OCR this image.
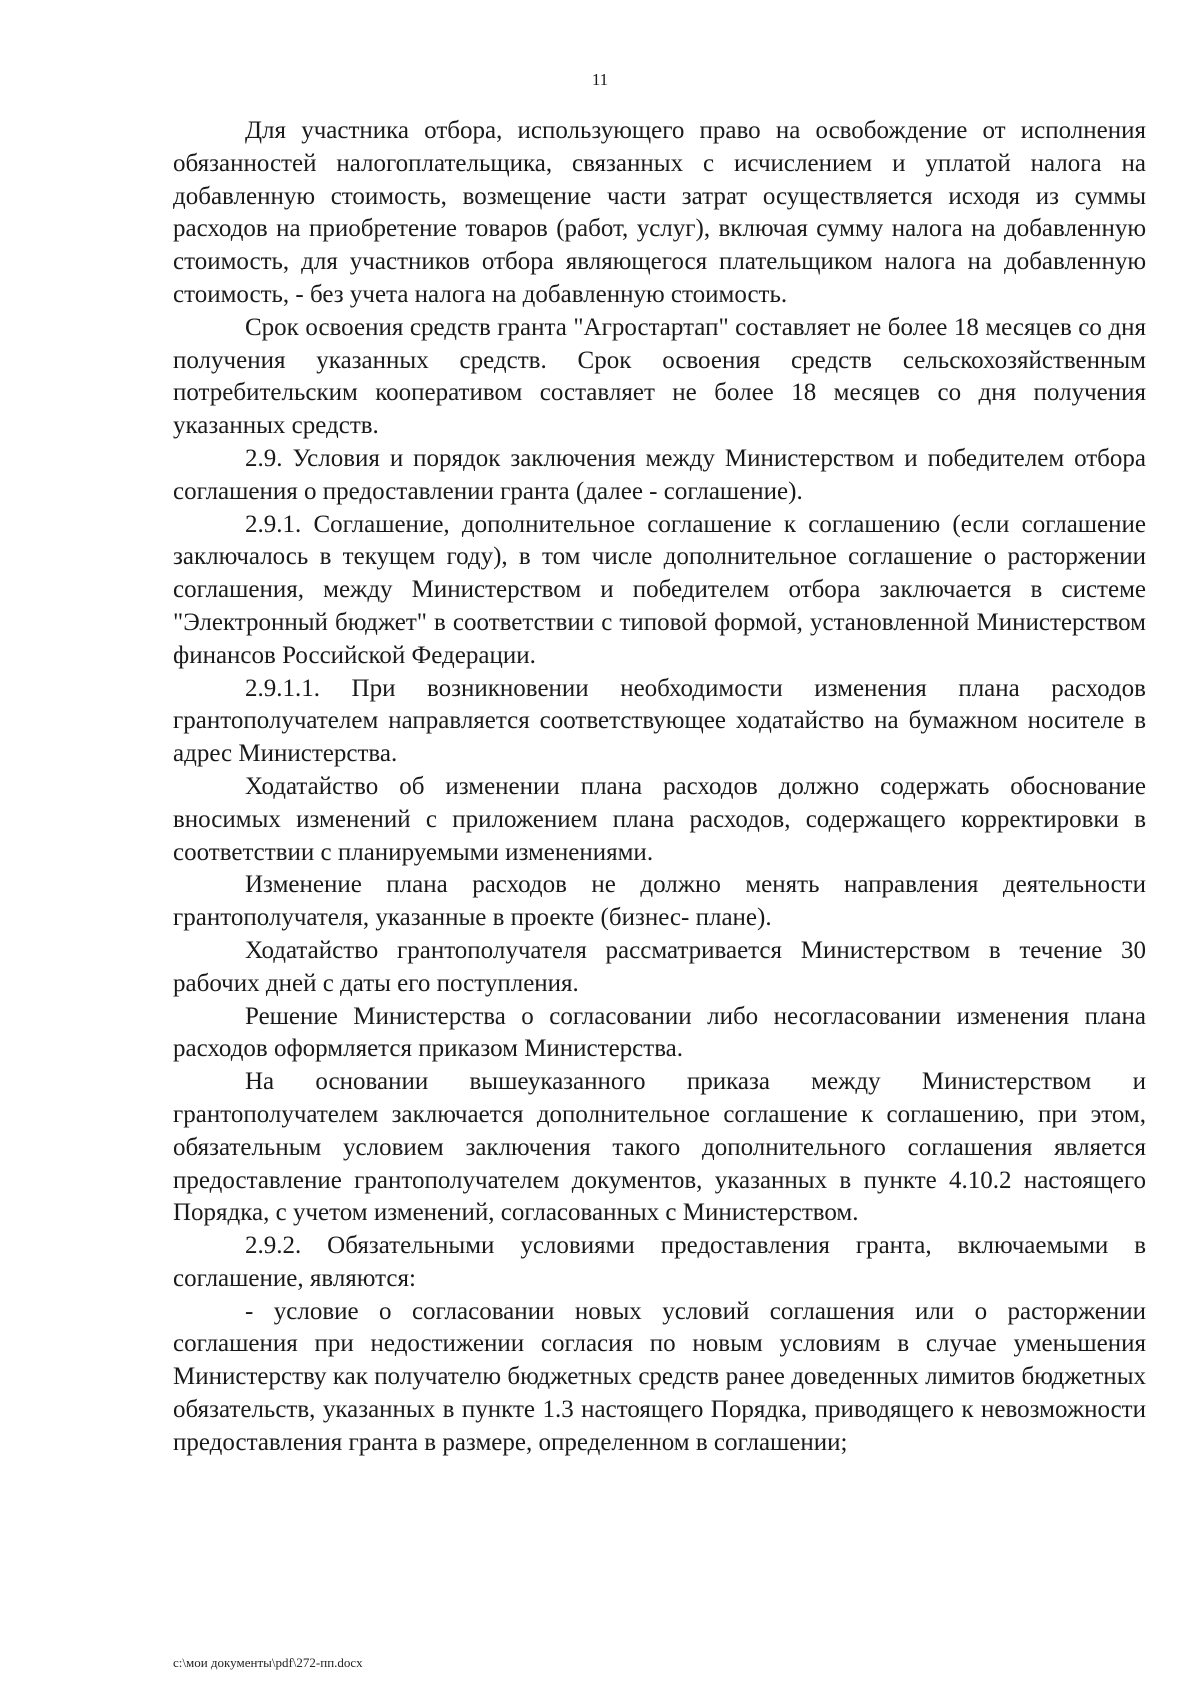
11

Для участника отбора, использующего право на освобождение от исполнения обязанностей налогоплательщика, связанных с исчислением и уплатой налога на добавленную стоимость, возмещение части затрат осуществляется исходя из суммы расходов на приобретение товаров (работ, услуг), включая сумму налога на добавленную стоимость, для участников отбора являющегося плательщиком налога на добавленную стоимость, - без учета налога на добавленную стоимость.

Срок освоения средств гранта "Агростартап" составляет не более 18 месяцев со дня получения указанных средств. Срок освоения средств сельскохозяйственным потребительским кооперативом составляет не более 18 месяцев со дня получения указанных средств.

2.9. Условия и порядок заключения между Министерством и победителем отбора соглашения о предоставлении гранта (далее - соглашение).

2.9.1. Соглашение, дополнительное соглашение к соглашению (если соглашение заключалось в текущем году), в том числе дополнительное соглашение о расторжении соглашения, между Министерством и победителем отбора заключается в системе "Электронный бюджет" в соответствии с типовой формой, установленной Министерством финансов Российской Федерации.

2.9.1.1. При возникновении необходимости изменения плана расходов грантополучателем направляется соответствующее ходатайство на бумажном носителе в адрес Министерства.

Ходатайство об изменении плана расходов должно содержать обоснование вносимых изменений с приложением плана расходов, содержащего корректировки в соответствии с планируемыми изменениями.

Изменение плана расходов не должно менять направления деятельности грантополучателя, указанные в проекте (бизнес- плане).

Ходатайство грантополучателя рассматривается Министерством в течение 30 рабочих дней с даты его поступления.

Решение Министерства о согласовании либо несогласовании изменения плана расходов оформляется приказом Министерства.

На основании вышеуказанного приказа между Министерством и грантополучателем заключается дополнительное соглашение к соглашению, при этом, обязательным условием заключения такого дополнительного соглашения является предоставление грантополучателем документов, указанных в пункте 4.10.2 настоящего Порядка, с учетом изменений, согласованных с Министерством.

2.9.2. Обязательными условиями предоставления гранта, включаемыми в соглашение, являются:

- условие о согласовании новых условий соглашения или о расторжении соглашения при недостижении согласия по новым условиям в случае уменьшения Министерству как получателю бюджетных средств ранее доведенных лимитов бюджетных обязательств, указанных в пункте 1.3 настоящего Порядка, приводящего к невозможности предоставления гранта в размере, определенном в соглашении;

c:\мои документы\pdf\272-пп.docx
